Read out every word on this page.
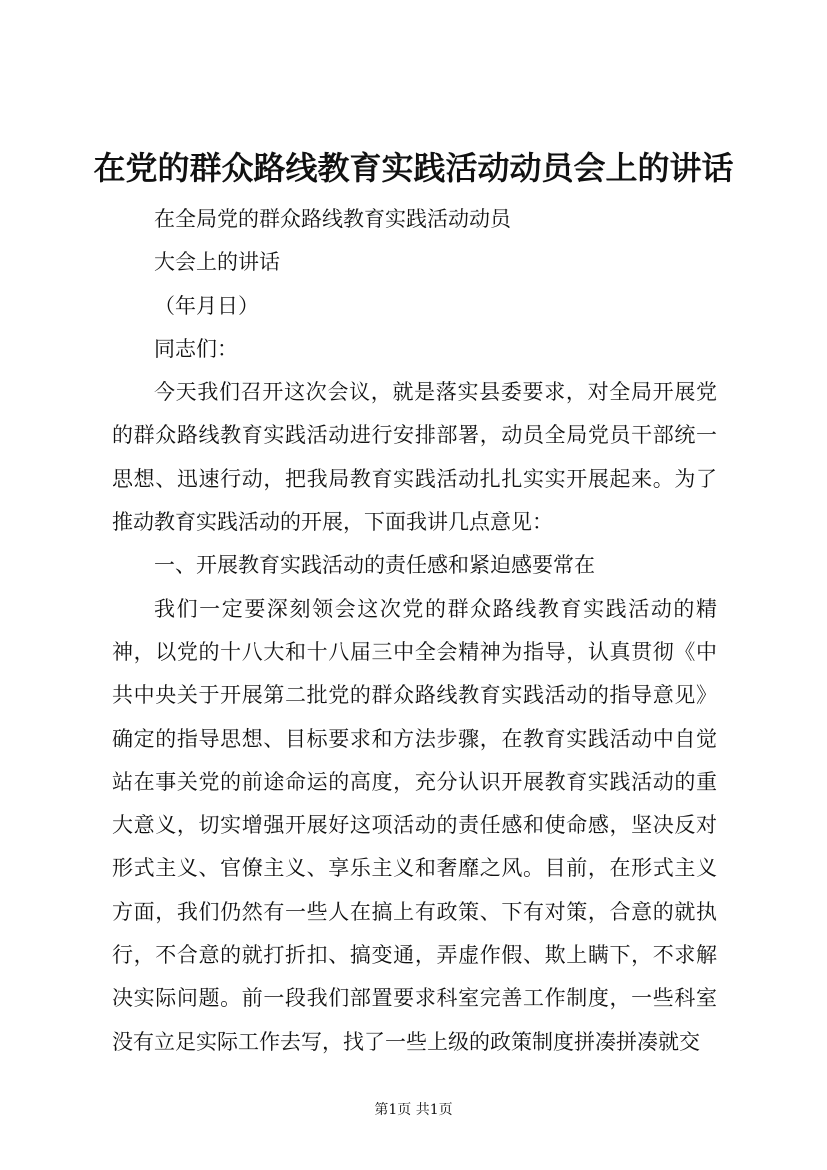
在党的群众路线教育实践活动动员会上的讲话

在全局党的群众路线教育实践活动动员

大会上的讲话

（年月日）

同志们：

今天我们召开这次会议，就是落实县委要求，对全局开展党的群众路线教育实践活动进行安排部署，动员全局党员干部统一思想、迅速行动，把我局教育实践活动扎扎实实开展起来。为了推动教育实践活动的开展，下面我讲几点意见：

一、开展教育实践活动的责任感和紧迫感要常在

我们一定要深刻领会这次党的群众路线教育实践活动的精神，以党的十八大和十八届三中全会精神为指导，认真贯彻《中共中央关于开展第二批党的群众路线教育实践活动的指导意见》确定的指导思想、目标要求和方法步骤，在教育实践活动中自觉站在事关党的前途命运的高度，充分认识开展教育实践活动的重大意义，切实增强开展好这项活动的责任感和使命感，坚决反对形式主义、官僚主义、享乐主义和奢靡之风。目前，在形式主义方面，我们仍然有一些人在搞上有政策、下有对策，合意的就执行，不合意的就打折扣、搞变通，弄虚作假、欺上瞒下，不求解决实际问题。前一段我们部置要求科室完善工作制度，一些科室没有立足实际工作去写，找了一些上级的政策制度拼凑拼凑就交

第1页 共1页
